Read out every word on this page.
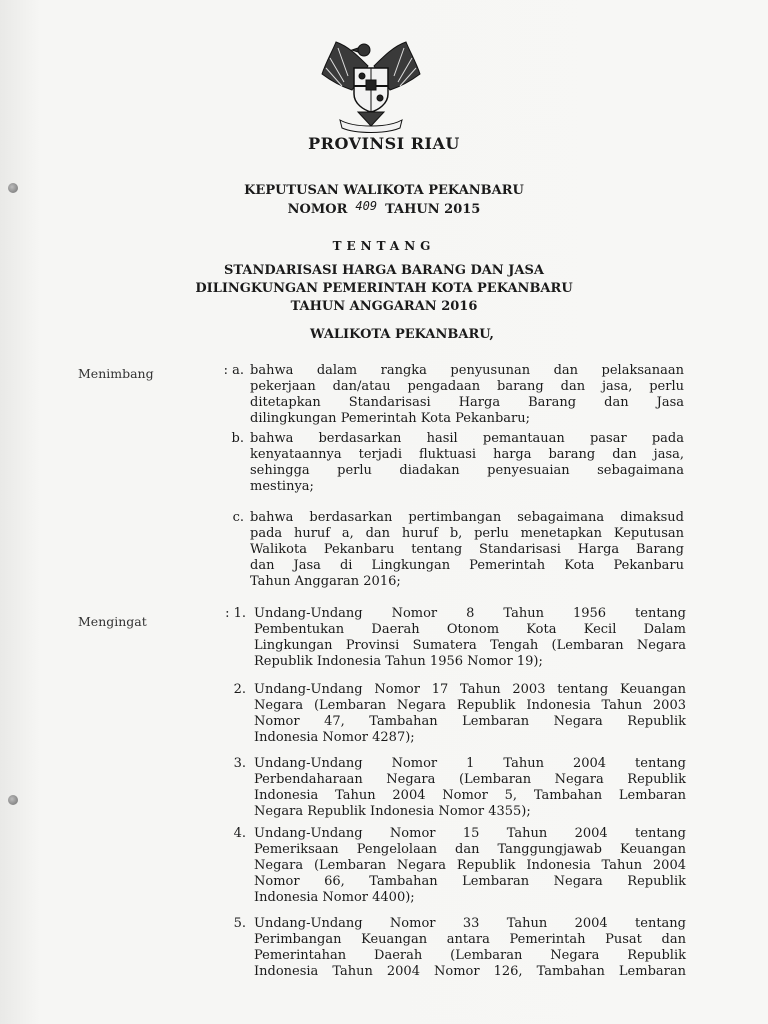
PROVINSI RIAU
KEPUTUSAN WALIKOTA PEKANBARU
NOMOR 409 TAHUN 2015
TENTANG
STANDARISASI HARGA BARANG DAN JASA
DILINGKUNGAN PEMERINTAH KOTA PEKANBARU
TAHUN ANGGARAN 2016
WALIKOTA PEKANBARU,
Menimbang
Mengingat
: a. bahwa dalam rangka penyusunan dan pelaksanaan
pekerjaan dan/atau pengadaan barang dan jasa, perlu
ditetapkan Standarisasi Harga Barang dan Jasa
dilingkungan Pemerintah Kota Pekanbaru;
b. bahwa berdasarkan hasil pemantauan pasar pada
kenyataannya terjadi fluktuasi harga barang dan jasa,
sehingga perlu diadakan penyesuaian sebagaimana
mestinya;
c. bahwa berdasarkan pertimbangan sebagaimana dimaksud
pada huruf a, dan huruf b, perlu menetapkan Keputusan
Walikota Pekanbaru tentang Standarisasi Harga Barang
dan Jasa di Lingkungan Pemerintah Kota Pekanbaru
Tahun Anggaran 2016;
: 1. Undang-Undang Nomor 8 Tahun 1956 tentang
Pembentukan Daerah Otonom Kota Kecil Dalam
Lingkungan Provinsi Sumatera Tengah (Lembaran Negara
Republik Indonesia Tahun 1956 Nomor 19);
2. Undang-Undang Nomor 17 Tahun 2003 tentang Keuangan
Negara (Lembaran Negara Republik Indonesia Tahun 2003
Nomor 47, Tambahan Lembaran Negara Republik
Indonesia Nomor 4287);
3. Undang-Undang Nomor 1 Tahun 2004 tentang
Perbendaharaan Negara (Lembaran Negara Republik
Indonesia Tahun 2004 Nomor 5, Tambahan Lembaran
Negara Republik Indonesia Nomor 4355);
4. Undang-Undang Nomor 15 Tahun 2004 tentang
Pemeriksaan Pengelolaan dan Tanggungjawab Keuangan
Negara (Lembaran Negara Republik Indonesia Tahun 2004
Nomor 66, Tambahan Lembaran Negara Republik
Indonesia Nomor 4400);
5. Undang-Undang Nomor 33 Tahun 2004 tentang
Perimbangan Keuangan antara Pemerintah Pusat dan
Pemerintahan Daerah (Lembaran Negara Republik
Indonesia Tahun 2004 Nomor 126, Tambahan Lembaran
